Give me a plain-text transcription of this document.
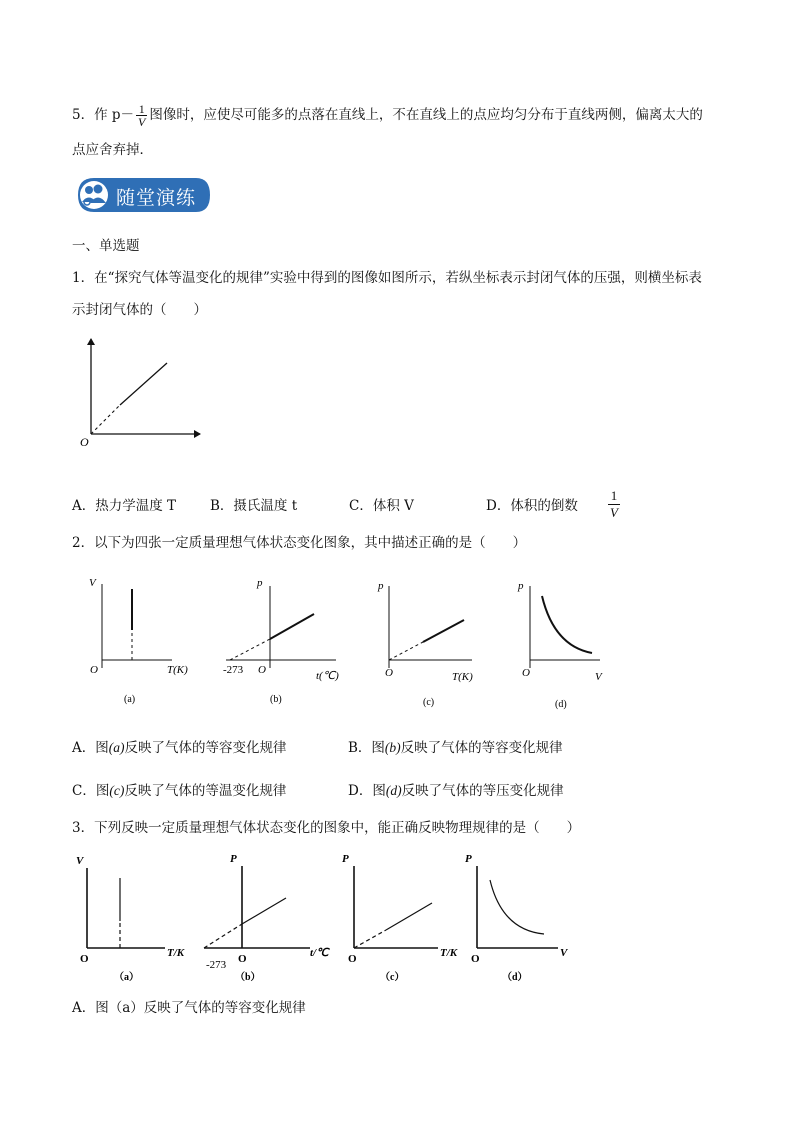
5．作 $p- \frac{1}{V}$ 图像时，应使尽可能多的点落在直线上，不在直线上的点应均匀分布于直线两侧，偏离太大的
点应舍弃掉．
随堂演练
一、单选题
1．在“探究气体等温变化的规律”实验中得到的图像如图所示，若纵坐标表示封闭气体的压强，则横坐标表
示封闭气体的（　　）
O
A．热力学温度 T	B．摄氏温度 t	C．体积 V	D．体积的倒数 $\frac{1}{V}$
2．以下为四张一定质量理想气体状态变化图象，其中描述正确的是（　　）
V
O	T(K)
(a)
p
O
-273	t(℃)
(b)
p
O	T(K)
(c)
p
O	V
(d)
A．图(a)反映了气体的等容变化规律	B．图(b)反映了气体的等容变化规律
C．图(c)反映了气体的等温变化规律	D．图(d)反映了气体的等压变化规律
3．下列反映一定质量理想气体状态变化的图象中，能正确反映物理规律的是（　　）
V
O	T/K
（a）
P
O
-273
t/℃
（b）
P
O	T/K
（c）
P
O	V
（d）
A．图（a）反映了气体的等容变化规律
